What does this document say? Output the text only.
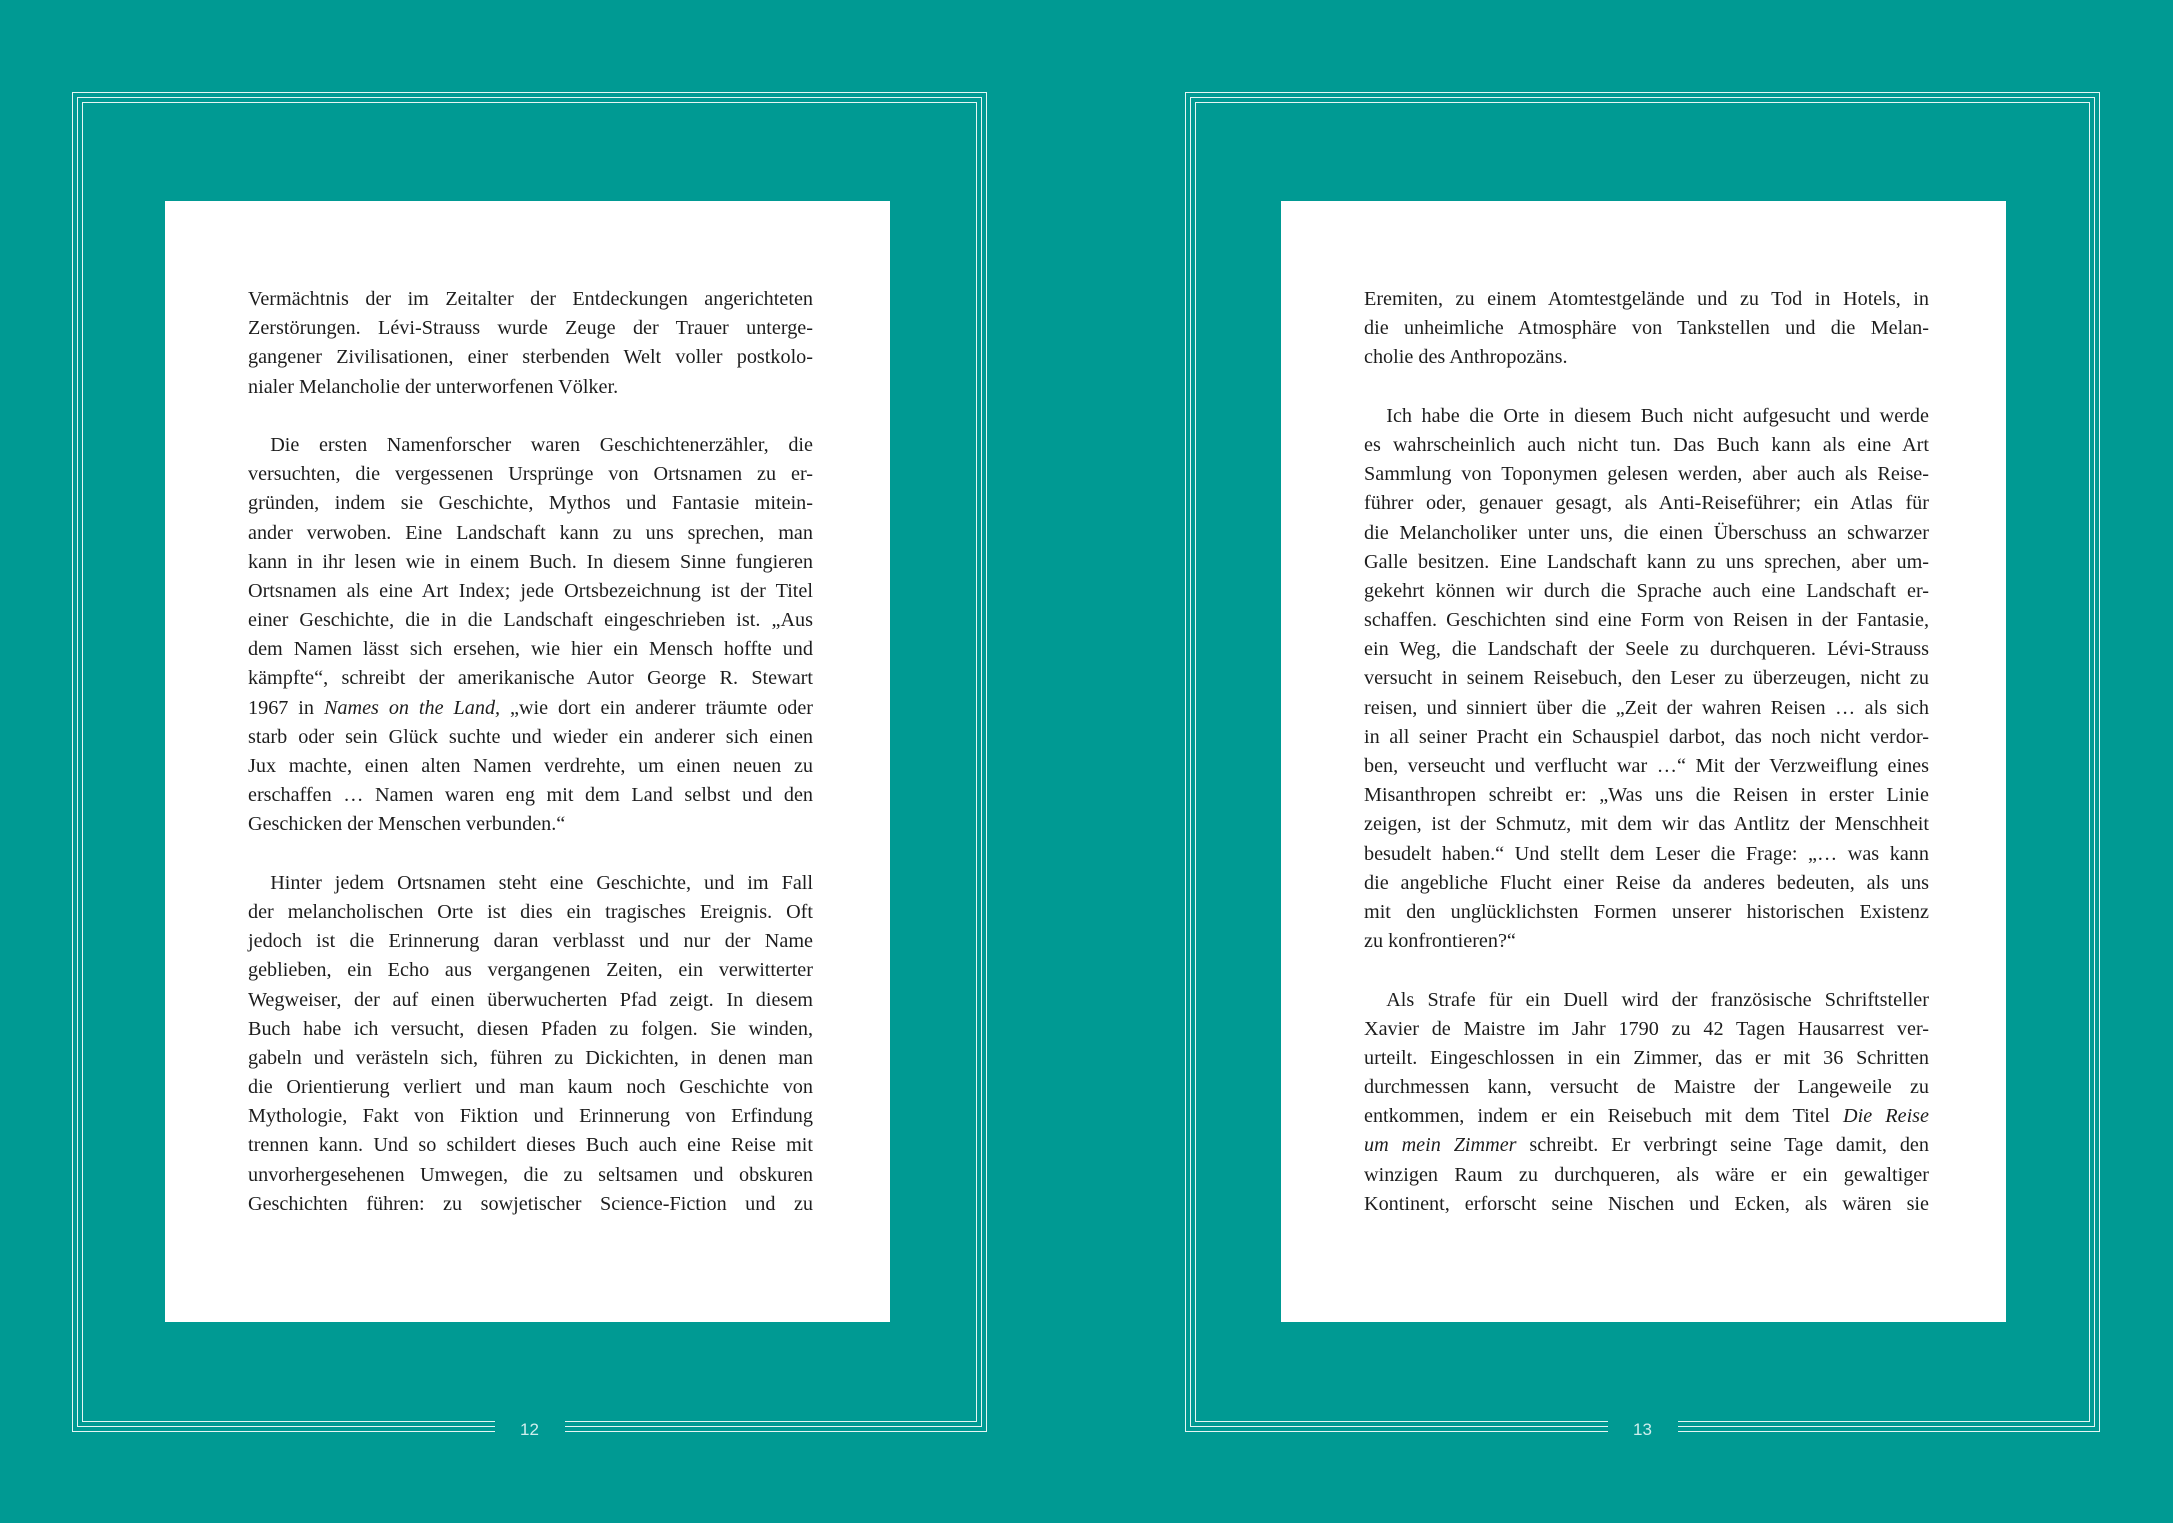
12
Vermächtnis der im Zeitalter der Entdeckungen angerichteten
Zerstörungen. Lévi-Strauss wurde Zeuge der Trauer unterge-
gangener Zivilisationen, einer sterbenden Welt voller postkolo-
nialer Melancholie der unterworfenen Völker.
Die ersten Namenforscher waren Geschichtenerzähler, die
versuchten, die vergessenen Ursprünge von Ortsnamen zu er-
gründen, indem sie Geschichte, Mythos und Fantasie mitein-
ander verwoben. Eine Landschaft kann zu uns sprechen, man
kann in ihr lesen wie in einem Buch. In diesem Sinne fungieren
Ortsnamen als eine Art Index; jede Ortsbezeichnung ist der Titel
einer Geschichte, die in die Landschaft eingeschrieben ist. „Aus
dem Namen lässt sich ersehen, wie hier ein Mensch hoffte und
kämpfte“, schreibt der amerikanische Autor George R. Stewart
1967 in Names on the Land, „wie dort ein anderer träumte oder
starb oder sein Glück suchte und wieder ein anderer sich einen
Jux machte, einen alten Namen verdrehte, um einen neuen zu
erschaffen … Namen waren eng mit dem Land selbst und den
Geschicken der Menschen verbunden.“
Hinter jedem Ortsnamen steht eine Geschichte, und im Fall
der melancholischen Orte ist dies ein tragisches Ereignis. Oft
jedoch ist die Erinnerung daran verblasst und nur der Name
geblieben, ein Echo aus vergangenen Zeiten, ein verwitterter
Wegweiser, der auf einen überwucherten Pfad zeigt. In diesem
Buch habe ich versucht, diesen Pfaden zu folgen. Sie winden,
gabeln und verästeln sich, führen zu Dickichten, in denen man
die Orientierung verliert und man kaum noch Geschichte von
Mythologie, Fakt von Fiktion und Erinnerung von Erfindung
trennen kann. Und so schildert dieses Buch auch eine Reise mit
unvorhergesehenen Umwegen, die zu seltsamen und obskuren
Geschichten führen: zu sowjetischer Science-Fiction und zu
13
Eremiten, zu einem Atomtestgelände und zu Tod in Hotels, in
die unheimliche Atmosphäre von Tankstellen und die Melan-
cholie des Anthropozäns.
Ich habe die Orte in diesem Buch nicht aufgesucht und werde
es wahrscheinlich auch nicht tun. Das Buch kann als eine Art
Sammlung von Toponymen gelesen werden, aber auch als Reise-
führer oder, genauer gesagt, als Anti-Reiseführer; ein Atlas für
die Melancholiker unter uns, die einen Überschuss an schwarzer
Galle besitzen. Eine Landschaft kann zu uns sprechen, aber um-
gekehrt können wir durch die Sprache auch eine Landschaft er-
schaffen. Geschichten sind eine Form von Reisen in der Fantasie,
ein Weg, die Landschaft der Seele zu durchqueren. Lévi-Strauss
versucht in seinem Reisebuch, den Leser zu überzeugen, nicht zu
reisen, und sinniert über die „Zeit der wahren Reisen … als sich
in all seiner Pracht ein Schauspiel darbot, das noch nicht verdor-
ben, verseucht und verflucht war …“ Mit der Verzweiflung eines
Misanthropen schreibt er: „Was uns die Reisen in erster Linie
zeigen, ist der Schmutz, mit dem wir das Antlitz der Menschheit
besudelt haben.“ Und stellt dem Leser die Frage: „… was kann
die angebliche Flucht einer Reise da anderes bedeuten, als uns
mit den unglücklichsten Formen unserer historischen Existenz
zu konfrontieren?“
Als Strafe für ein Duell wird der französische Schriftsteller
Xavier de Maistre im Jahr 1790 zu 42 Tagen Hausarrest ver-
urteilt. Eingeschlossen in ein Zimmer, das er mit 36 Schritten
durchmessen kann, versucht de Maistre der Langeweile zu
entkommen, indem er ein Reisebuch mit dem Titel Die Reise
um mein Zimmer schreibt. Er verbringt seine Tage damit, den
winzigen Raum zu durchqueren, als wäre er ein gewaltiger
Kontinent, erforscht seine Nischen und Ecken, als wären sie
